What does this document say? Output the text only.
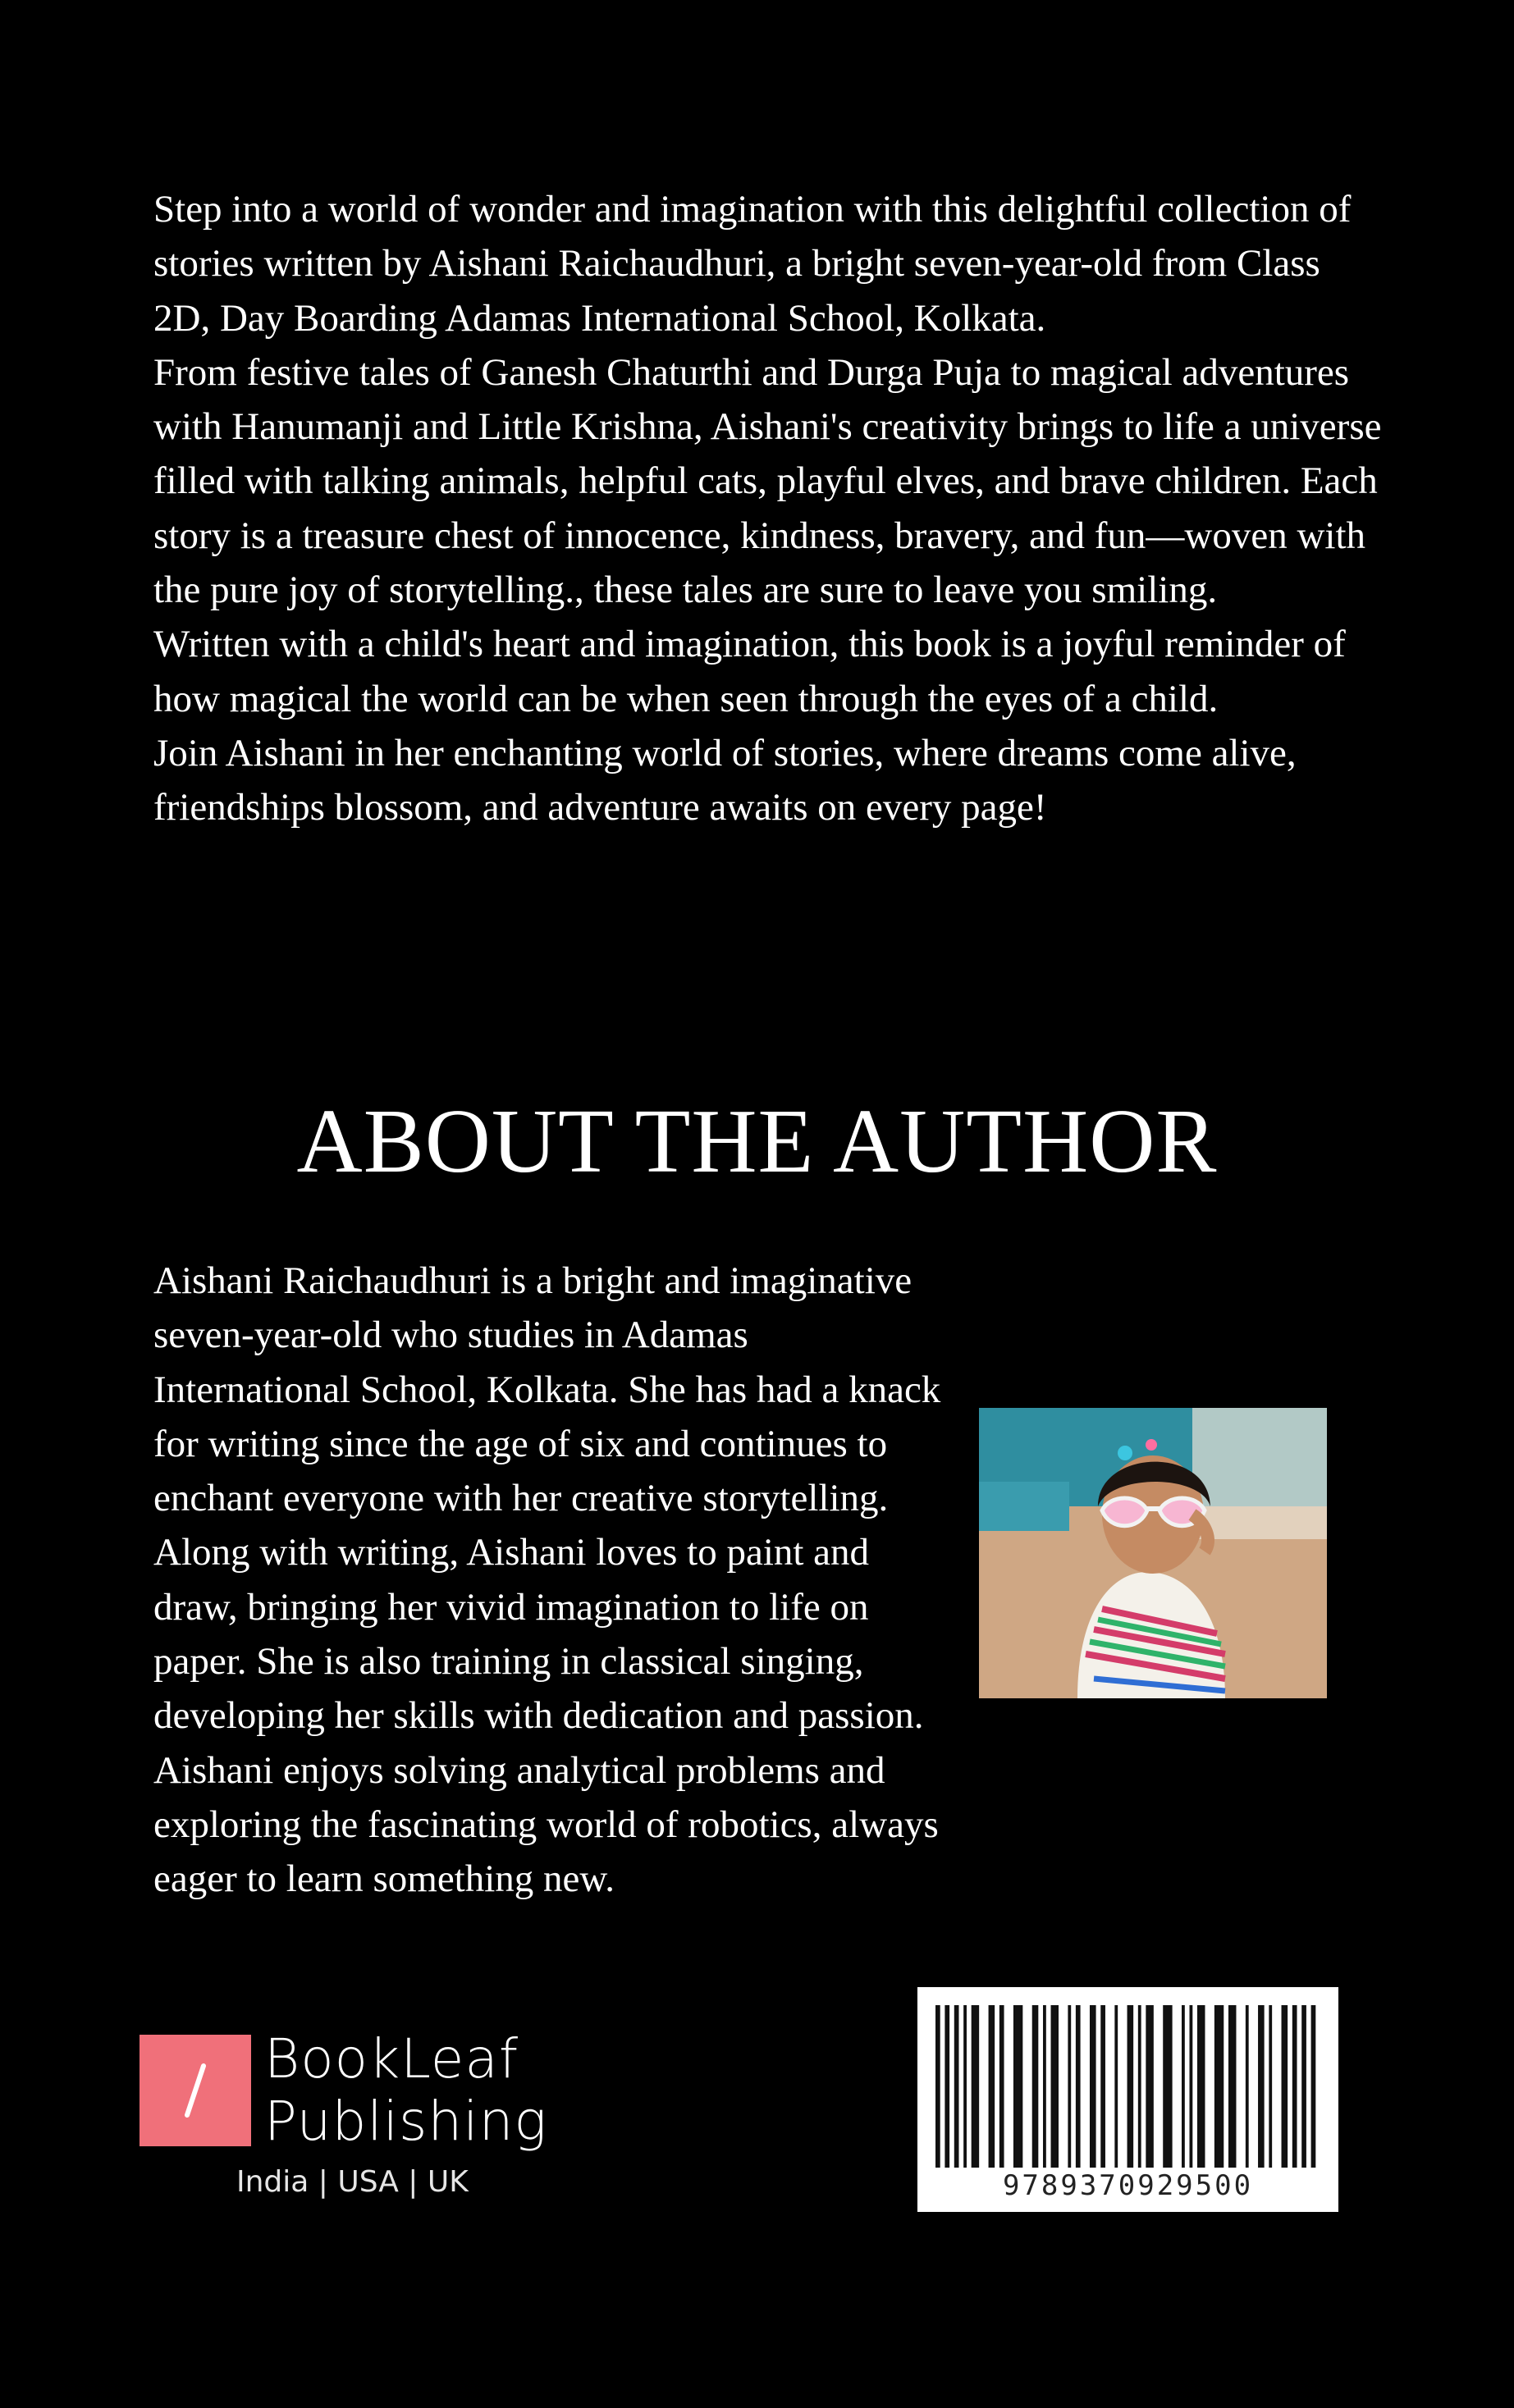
Step into a world of wonder and imagination with this delightful collection of stories written by Aishani Raichaudhuri, a bright seven-year-old from Class 2D, Day Boarding Adamas International School, Kolkata.

From festive tales of Ganesh Chaturthi and Durga Puja to magical adventures with Hanumanji and Little Krishna, Aishani's creativity brings to life a universe filled with talking animals, helpful cats, playful elves, and brave children. Each story is a treasure chest of innocence, kindness, bravery, and fun—woven with the pure joy of storytelling., these tales are sure to leave you smiling.

Written with a child's heart and imagination, this book is a joyful reminder of how magical the world can be when seen through the eyes of a child.

Join Aishani in her enchanting world of stories, where dreams come alive, friendships blossom, and adventure awaits on every page!

ABOUT THE AUTHOR

Aishani Raichaudhuri is a bright and imaginative seven-year-old who studies in Adamas International School, Kolkata. She has had a knack for writing since the age of six and continues to enchant everyone with her creative storytelling.

Along with writing, Aishani loves to paint and draw, bringing her vivid imagination to life on paper. She is also training in classical singing, developing her skills with dedication and passion. Aishani enjoys solving analytical problems and exploring the fascinating world of robotics, always eager to learn something new.

BookLeaf
Publishing
India | USA | UK	9789370929500
